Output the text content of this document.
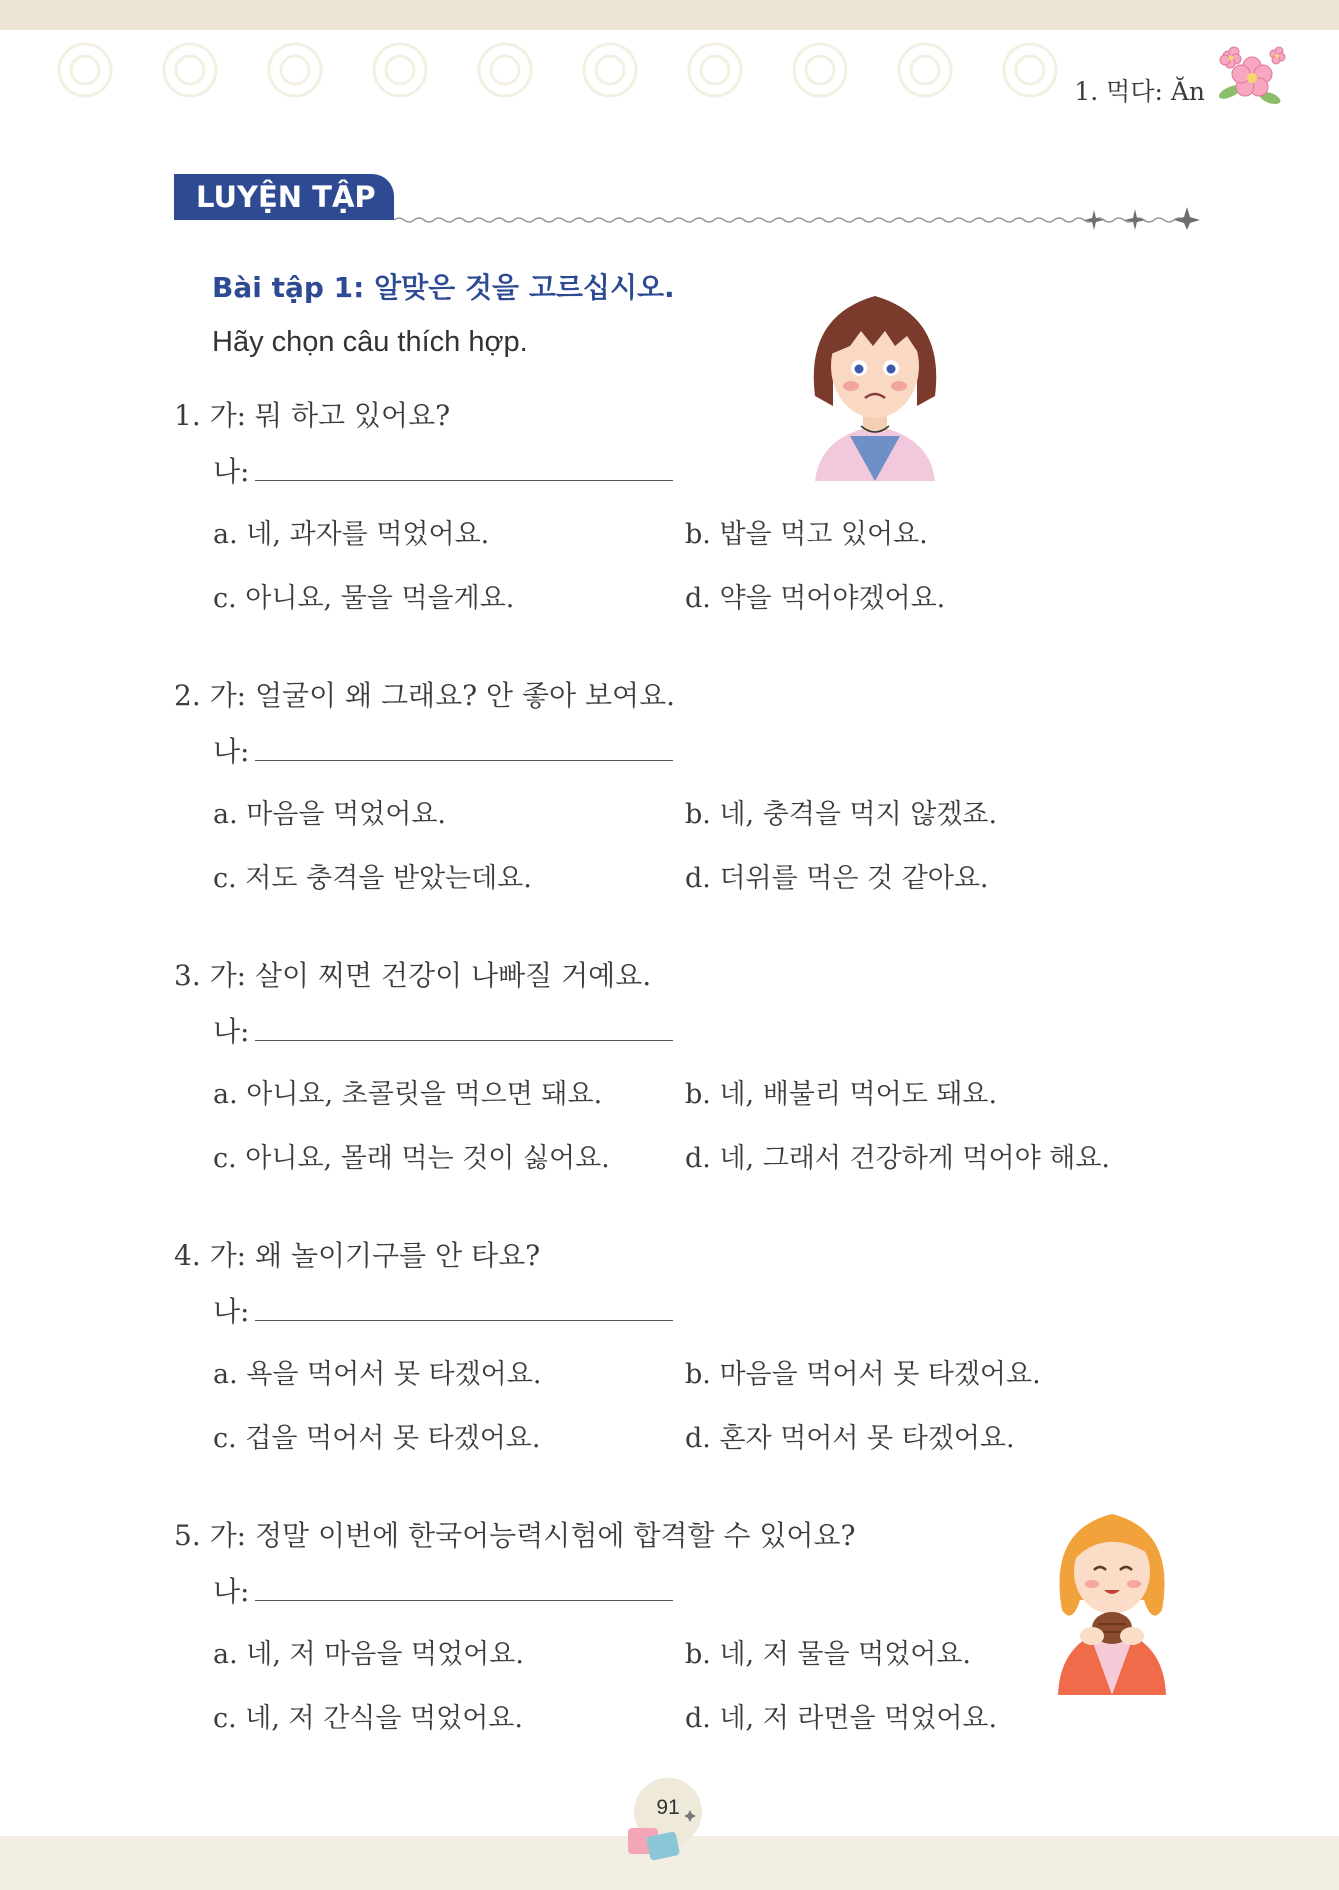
1. 먹다: Ăn
LUYỆN TẬP
Bài tập 1: 알맞은 것을 고르십시오.
Hãy chọn câu thích hợp.
1. 가: 뭐 하고 있어요?
나:
a. 네, 과자를 먹었어요.	b. 밥을 먹고 있어요.
c. 아니요, 물을 먹을게요.	d. 약을 먹어야겠어요.
2. 가: 얼굴이 왜 그래요? 안 좋아 보여요.
나:
a. 마음을 먹었어요.	b. 네, 충격을 먹지 않겠죠.
c. 저도 충격을 받았는데요.	d. 더위를 먹은 것 같아요.
3. 가: 살이 찌면 건강이 나빠질 거예요.
나:
a. 아니요, 초콜릿을 먹으면 돼요.	b. 네, 배불리 먹어도 돼요.
c. 아니요, 몰래 먹는 것이 싫어요.	d. 네, 그래서 건강하게 먹어야 해요.
4. 가: 왜 놀이기구를 안 타요?
나:
a. 욕을 먹어서 못 타겠어요.	b. 마음을 먹어서 못 타겠어요.
c. 겁을 먹어서 못 타겠어요.	d. 혼자 먹어서 못 타겠어요.
5. 가: 정말 이번에 한국어능력시험에 합격할 수 있어요?
나:
a. 네, 저 마음을 먹었어요.	b. 네, 저 물을 먹었어요.
c. 네, 저 간식을 먹었어요.	d. 네, 저 라면을 먹었어요.
91
